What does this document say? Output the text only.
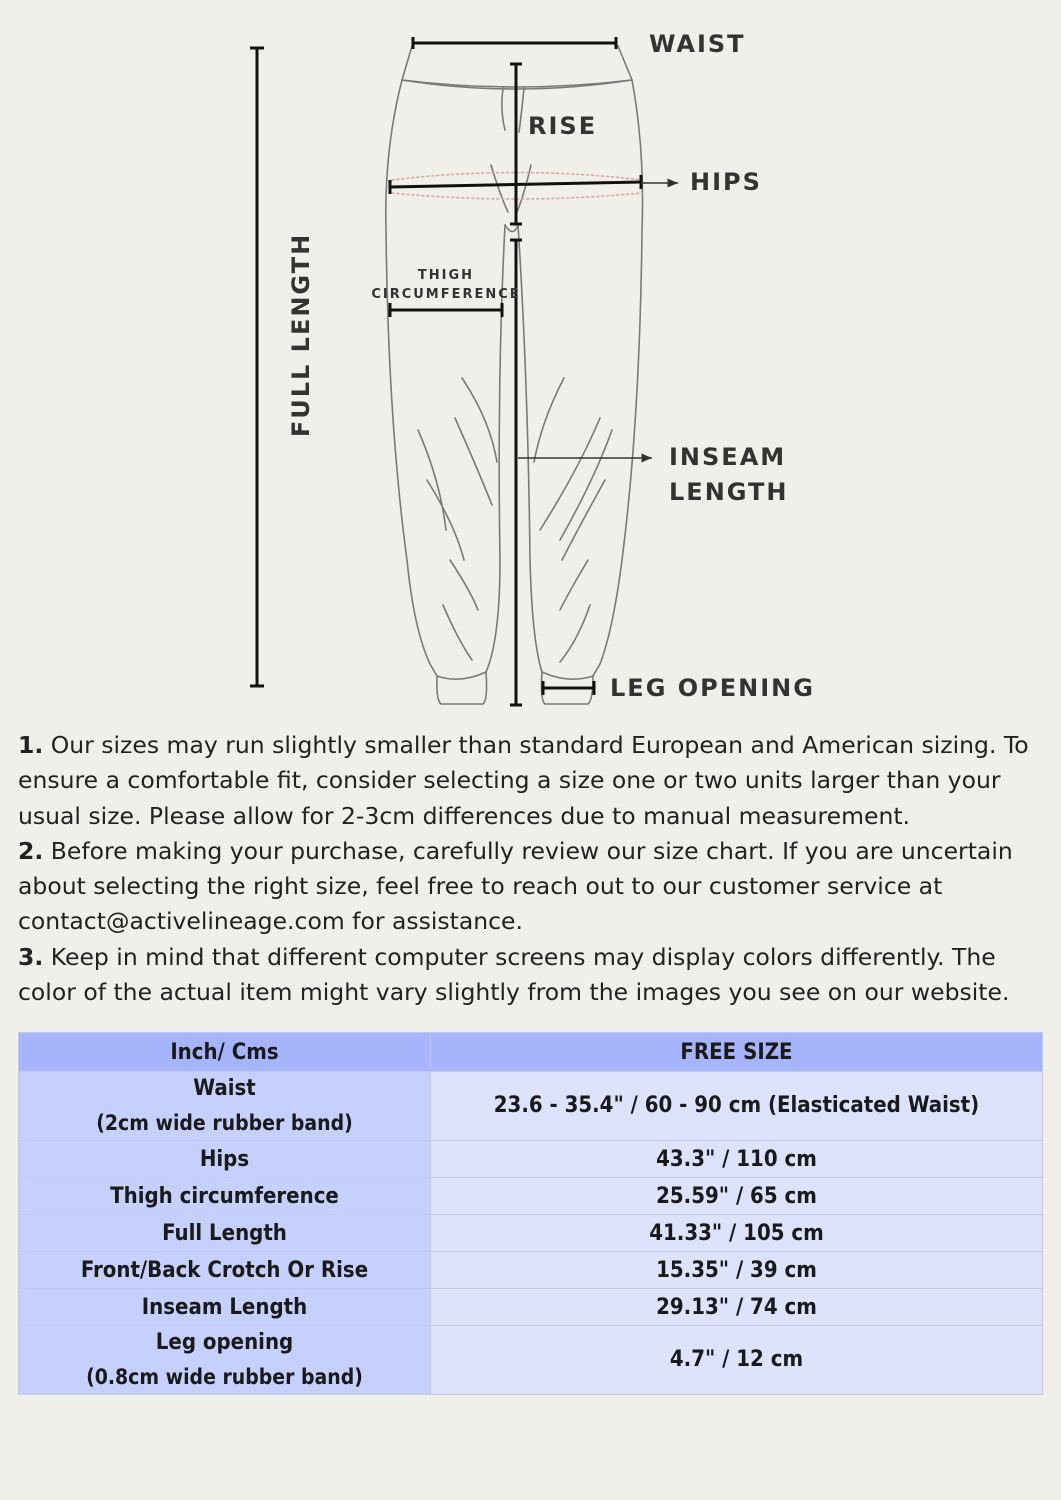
WAIST
RISE
HIPS
THIGH
CIRCUMFERENCE
FULL LENGTH
INSEAM
LENGTH
LEG OPENING

1. Our sizes may run slightly smaller than standard European and American sizing. To ensure a comfortable fit, consider selecting a size one or two units larger than your usual size. Please allow for 2-3cm differences due to manual measurement.

2. Before making your purchase, carefully review our size chart. If you are uncertain about selecting the right size, feel free to reach out to our customer service at contact@activelineage.com for assistance.

3. Keep in mind that different computer screens may display colors differently. The color of the actual item might vary slightly from the images you see on our website.

Inch/ Cms	FREE SIZE
Waist
(2cm wide rubber band)	23.6 - 35.4" / 60 - 90 cm (Elasticated Waist)
Hips	43.3" / 110 cm
Thigh circumference	25.59" / 65 cm
Full Length	41.33" / 105 cm
Front/Back Crotch Or Rise	15.35" / 39 cm
Inseam Length	29.13" / 74 cm
Leg opening
(0.8cm wide rubber band)	4.7" / 12 cm
